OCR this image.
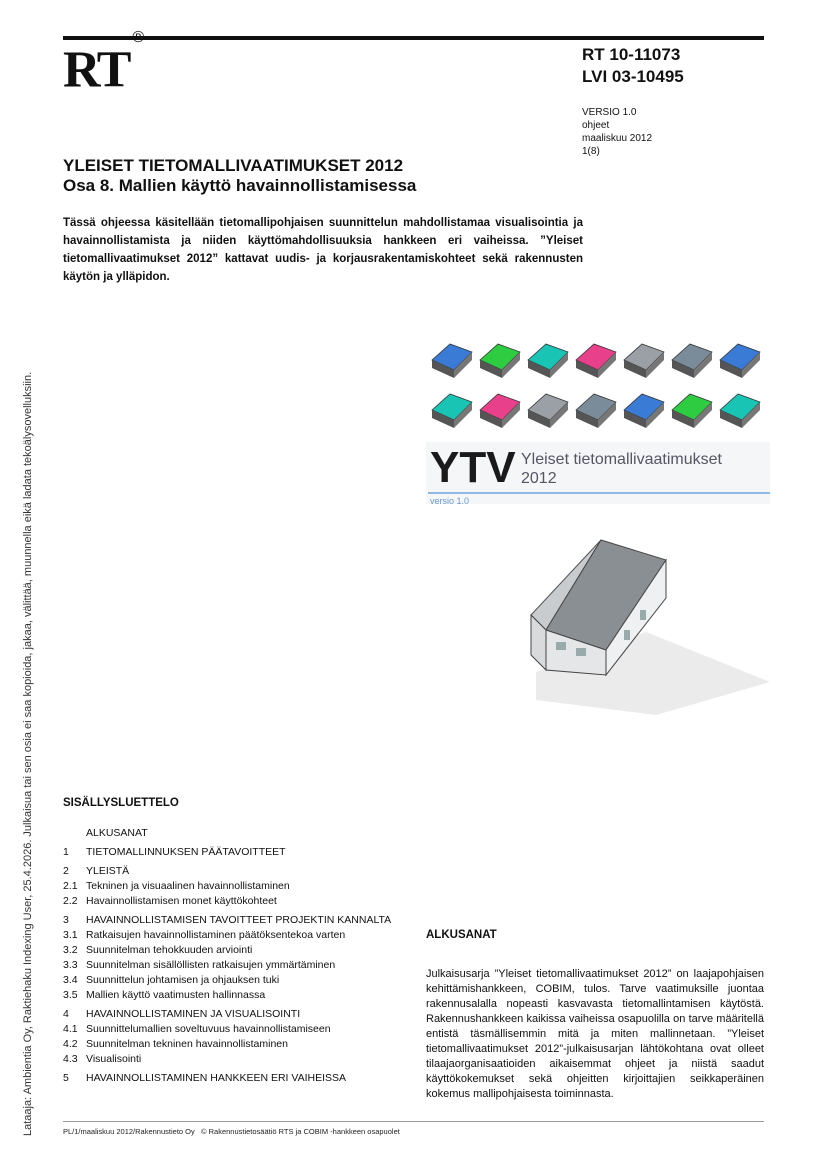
RT®
RT 10-11073
LVI 03-10495
VERSIO 1.0
ohjeet
maaliskuu 2012
1(8)
YLEISET TIETOMALLIVAATIMUKSET 2012
Osa 8. Mallien käyttö havainnollistamisessa
Tässä ohjeessa käsitellään tietomallipohjaisen suunnittelun mahdollistamaa visualisointia ja havainnollistamista ja niiden käyttömahdollisuuksia hankkeen eri vaiheissa. ”Yleiset tietomallivaatimukset 2012” kattavat uudis- ja korjausrakentamiskohteet sekä rakennusten käytön ja ylläpidon.
Lataaja: Ambientia Oy, Raktiehaku Indexing User, 25.4.2026. Julkaisua tai sen osia ei saa kopioida, jakaa, välittää, muunnella eikä ladata tekoälysovelluksiin.	YTV Yleiset tietomallivaatimukset
2012
versio 1.0
SISÄLLYSLUETTELO
ALKUSANAT
1	TIETOMALLINNUKSEN PÄÄTAVOITTEET
2	YLEISTÄ
2.1 Tekninen ja visuaalinen havainnollistaminen
2.2 Havainnollistamisen monet käyttökohteet
3	HAVAINNOLLISTAMISEN TAVOITTEET PROJEKTIN KANNALTA
3.1 Ratkaisujen havainnollistaminen päätöksentekoa varten
3.2 Suunnitelman tehokkuuden arviointi
3.3 Suunnitelman sisällöllisten ratkaisujen ymmärtäminen
3.4 Suunnittelun johtamisen ja ohjauksen tuki
3.5 Mallien käyttö vaatimusten hallinnassa
4	HAVAINNOLLISTAMINEN JA VISUALISOINTI
4.1 Suunnittelumallien soveltuvuus havainnollistamiseen
4.2 Suunnitelman tekninen havainnollistaminen
4.3 Visualisointi
5	HAVAINNOLLISTAMINEN HANKKEEN ERI VAIHEISSA
ALKUSANAT
Julkaisusarja ”Yleiset tietomallivaatimukset 2012” on laajapohjaisen kehittämishankkeen, COBIM, tulos. Tarve vaatimuksille juontaa rakennusalalla nopeasti kasvavasta tietomallintamisen käytöstä. Rakennushankkeen kaikissa vaiheissa osapuolilla on tarve määritellä entistä täsmällisemmin mitä ja miten mallinnetaan. ”Yleiset tietomallivaatimukset 2012”-julkaisusarjan lähtökohtana ovat olleet tilaajaorganisaatioiden aikaisemmat ohjeet ja niistä saadut käyttökokemukset sekä ohjeitten kirjoittajien seikkaperäinen kokemus mallipohjaisesta toiminnasta.
PL/1/maaliskuu 2012/Rakennustieto Oy   © Rakennustietosäätiö RTS ja COBIM -hankkeen osapuolet
